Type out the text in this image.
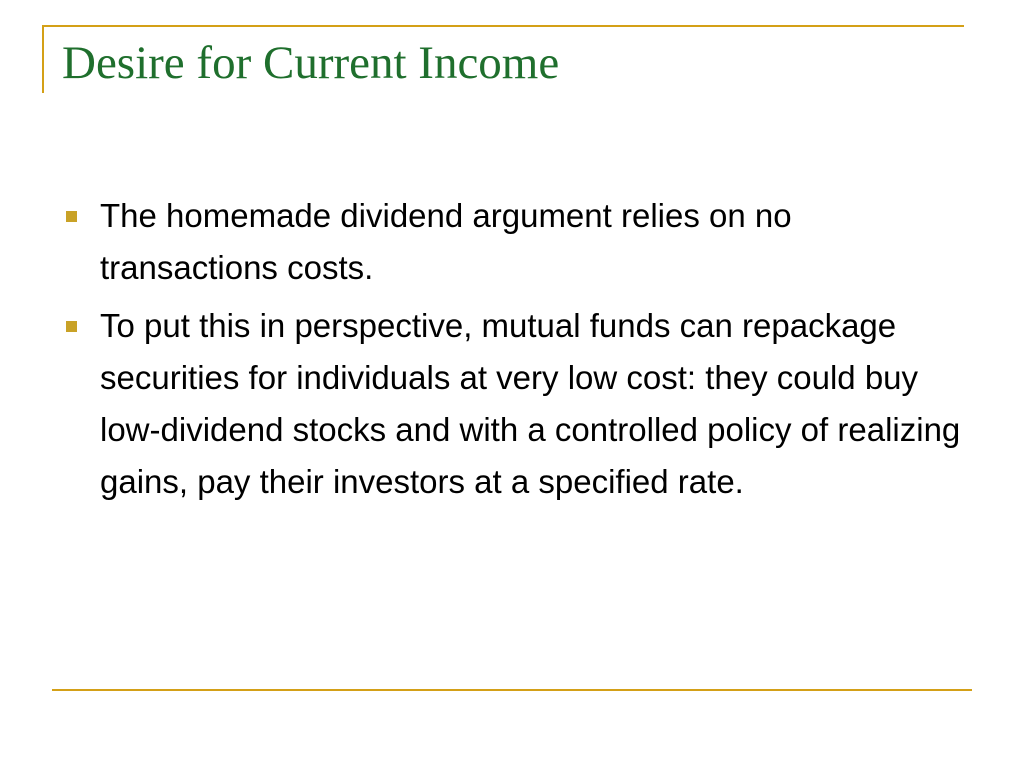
Desire for Current Income
The homemade dividend argument relies on no transactions costs.
To put this in perspective, mutual funds can repackage securities for individuals at very low cost: they could buy low-dividend stocks and with a controlled policy of realizing gains, pay their investors at a specified rate.
